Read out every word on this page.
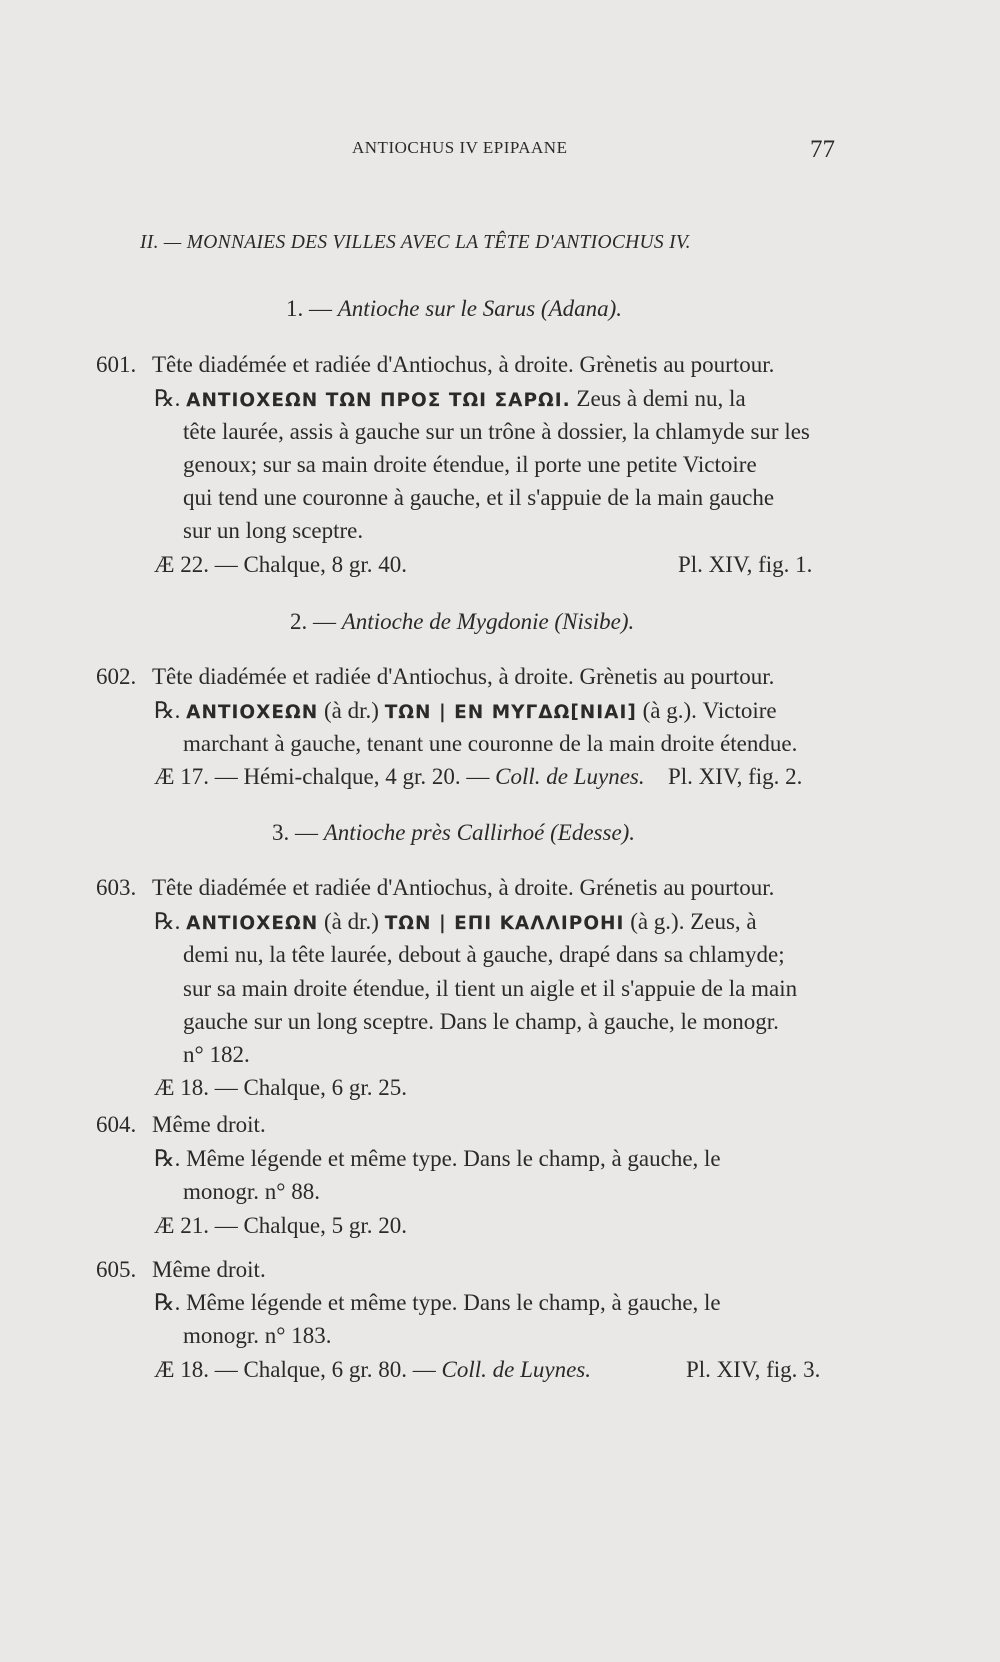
ANTIOCHUS IV EPIPAANE	77
II. — MONNAIES DES VILLES AVEC LA TÊTE D'ANTIOCHUS IV.
1. — Antioche sur le Sarus (Adana).
601. Tête diadémée et radiée d'Antiochus, à droite. Grènetis au pourtour.
℞. ΑΝΤΙΟΧΕΩΝ ΤΩΝ ΠΡΟΣ ΤΩΙ ΣΑΡΩΙ. Zeus à demi nu, la
tête laurée, assis à gauche sur un trône à dossier, la chlamyde sur les
genoux; sur sa main droite étendue, il porte une petite Victoire
qui tend une couronne à gauche, et il s'appuie de la main gauche
sur un long sceptre.
Æ 22. — Chalque, 8 gr. 40.	Pl. XIV, fig. 1.
2. — Antioche de Mygdonie (Nisibe).
602. Tête diadémée et radiée d'Antiochus, à droite. Grènetis au pourtour.
℞. ΑΝΤΙΟΧΕΩΝ (à dr.) ΤΩΝ | ΕΝ ΜΥΓΔΩ[ΝΙΑΙ] (à g.). Victoire
marchant à gauche, tenant une couronne de la main droite étendue.
Æ 17. — Hémi-chalque, 4 gr. 20. — Coll. de Luynes. Pl. XIV, fig. 2.
3. — Antioche près Callirhoé (Edesse).
603. Tête diadémée et radiée d'Antiochus, à droite. Grénetis au pourtour.
℞. ΑΝΤΙΟΧΕΩΝ (à dr.) ΤΩΝ | ΕΠΙ ΚΑΛΛΙΡΟΗΙ (à g.). Zeus, à
demi nu, la tête laurée, debout à gauche, drapé dans sa chlamyde;
sur sa main droite étendue, il tient un aigle et il s'appuie de la main
gauche sur un long sceptre. Dans le champ, à gauche, le monogr.
n° 182.
Æ 18. — Chalque, 6 gr. 25.
604. Même droit.
℞. Même légende et même type. Dans le champ, à gauche, le
monogr. n° 88.
Æ 21. — Chalque, 5 gr. 20.
605. Même droit.
℞. Même légende et même type. Dans le champ, à gauche, le
monogr. n° 183.
Æ 18. — Chalque, 6 gr. 80. — Coll. de Luynes.	Pl. XIV, fig. 3.
